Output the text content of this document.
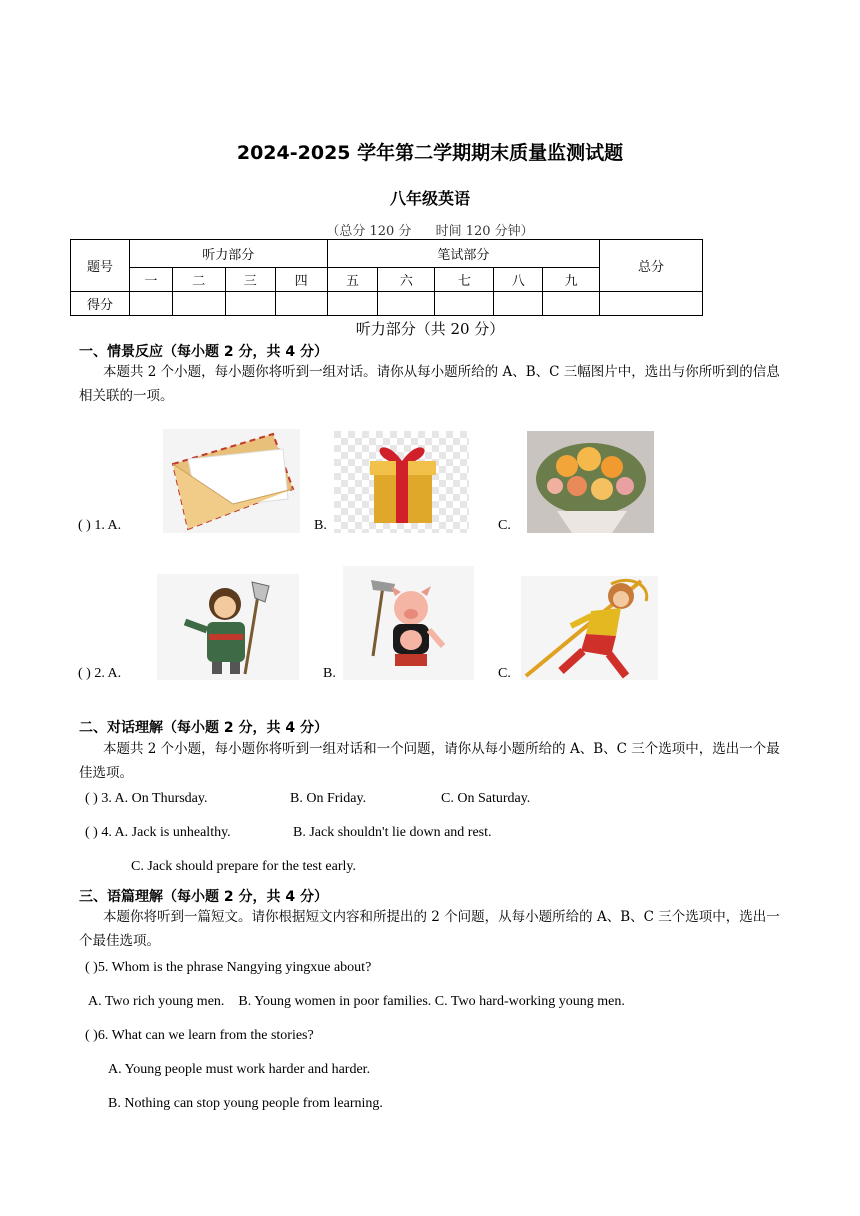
2024-2025 学年第二学期期末质量监测试题
八年级英语
（总分 120 分 时间 120 分钟）
题号	听力部分				笔试部分					总分
	一	二	三	四	五	六	七	八	九	
得分										
听力部分（共 20 分）
一、情景反应（每小题 2 分，共 4 分）
本题共 2 个小题，每小题你将听到一组对话。请你从每小题所给的 A、B、C 三幅图片中，选出与你所听到的信息相关联的一项。
( ) 1. A.	B.	C.
( ) 2. A.	B.	C.
二、对话理解（每小题 2 分，共 4 分）
本题共 2 个小题，每小题你将听到一组对话和一个问题，请你从每小题所给的 A、B、C 三个选项中，选出一个最佳选项。
( ) 3. A. On Thursday.	B. On Friday.	C. On Saturday.
( ) 4. A. Jack is unhealthy.	B. Jack shouldn't lie down and rest.
C. Jack should prepare for the test early.
三、语篇理解（每小题 2 分，共 4 分）
本题你将听到一篇短文。请你根据短文内容和所提出的 2 个问题，从每小题所给的 A、B、C 三个选项中，选出一个最佳选项。
( )5. Whom is the phrase Nangying yingxue about?
A. Two rich young men.    B. Young women in poor families. C. Two hard-working young men.
( )6. What can we learn from the stories?
A. Young people must work harder and harder.
B. Nothing can stop young people from learning.
